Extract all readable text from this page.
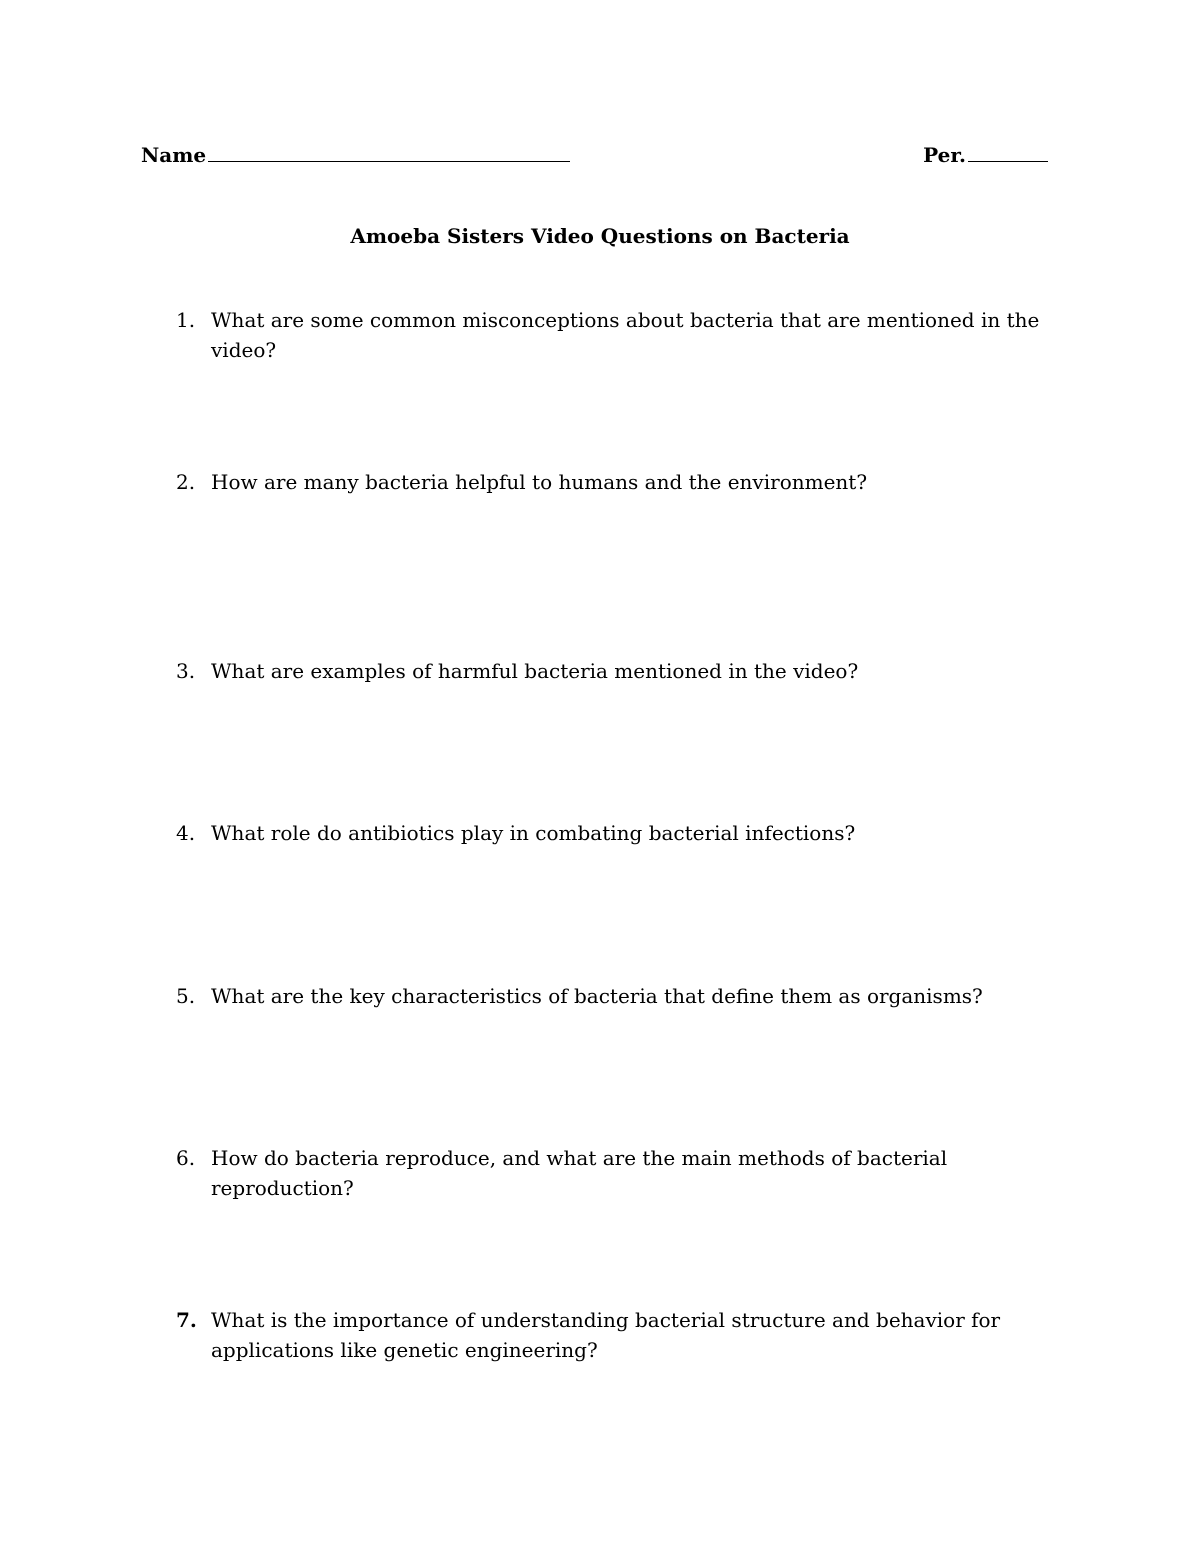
Name	Per.
Amoeba Sisters Video Questions on Bacteria
1. What are some common misconceptions about bacteria that are mentioned in the video?
2. How are many bacteria helpful to humans and the environment?
3. What are examples of harmful bacteria mentioned in the video?
4. What role do antibiotics play in combating bacterial infections?
5. What are the key characteristics of bacteria that define them as organisms?
6. How do bacteria reproduce, and what are the main methods of bacterial reproduction?
7. What is the importance of understanding bacterial structure and behavior for applications like genetic engineering?
